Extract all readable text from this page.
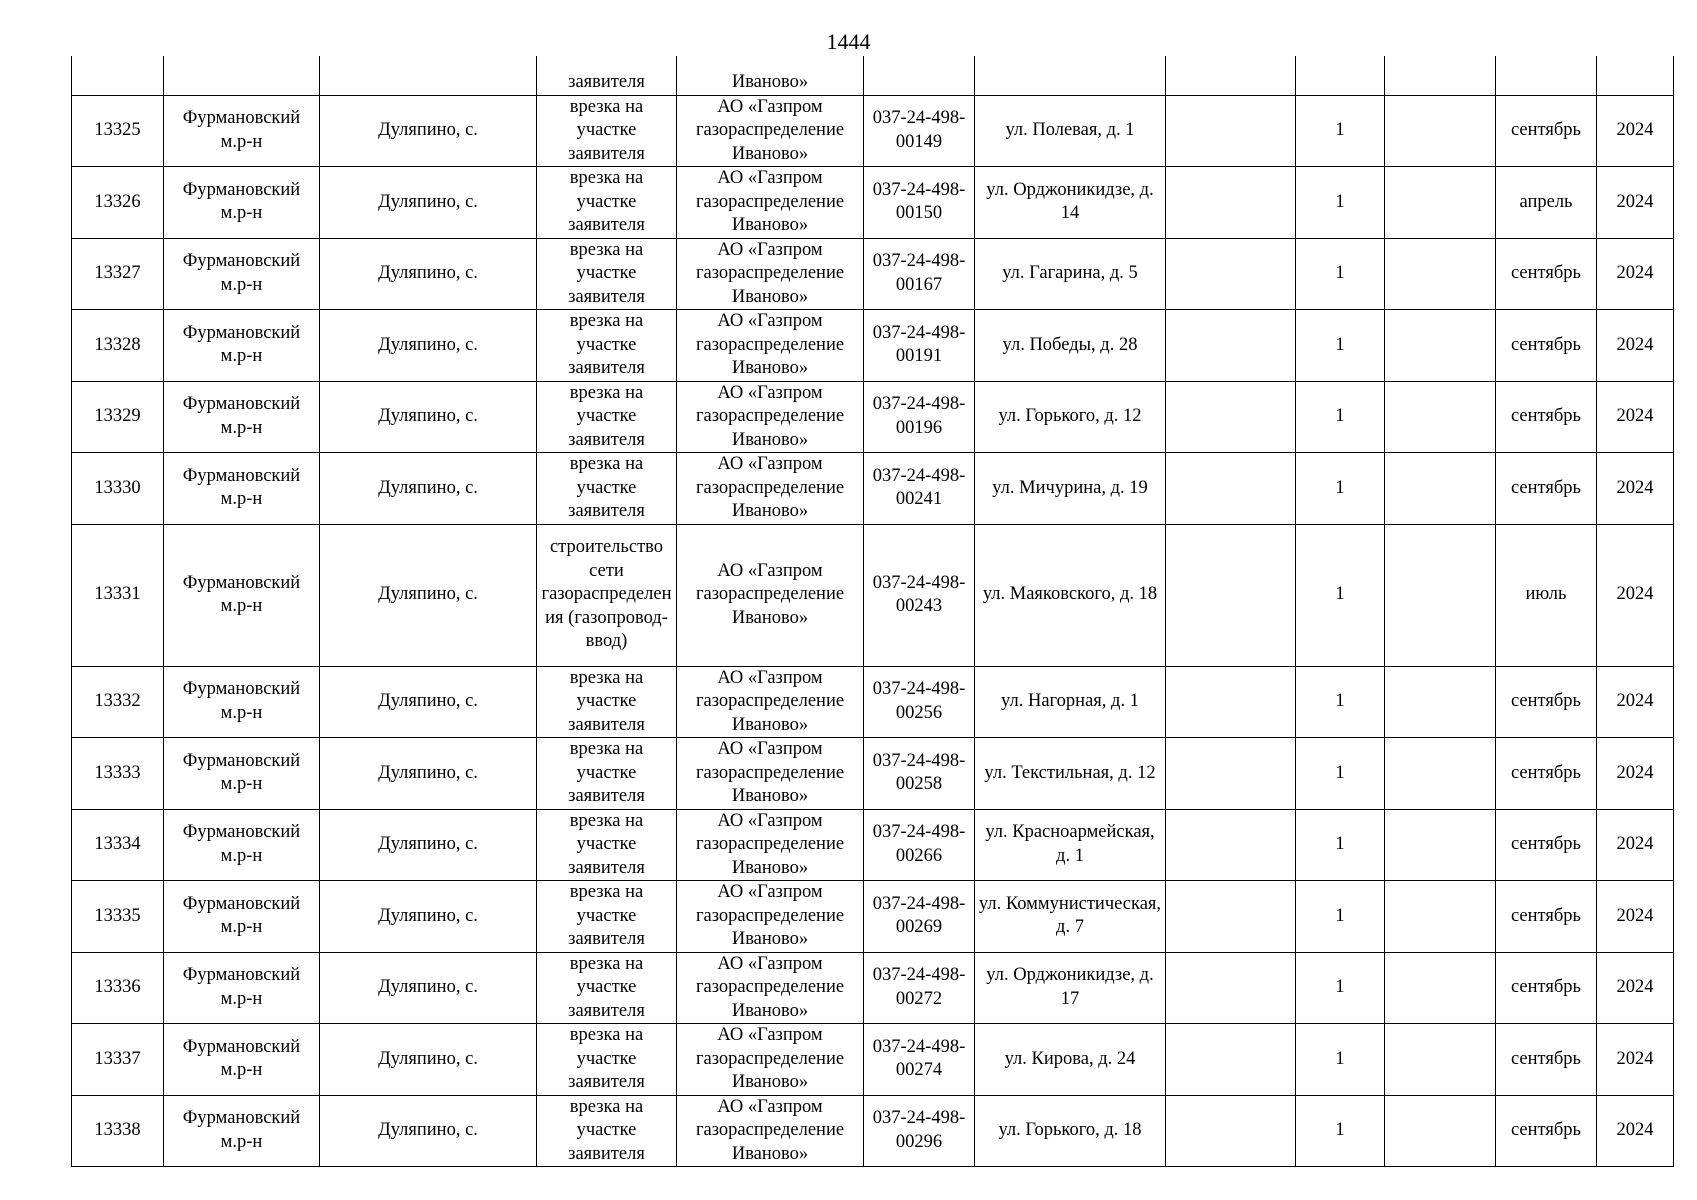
1444
			заявителя	Иваново»							
13325	Фурмановский м.р-н	Дуляпино, с.	врезка на участке заявителя	АО «Газпром газораспределение Иваново»	037-24-498-00149	ул. Полевая, д. 1		1		сентябрь	2024
13326	Фурмановский м.р-н	Дуляпино, с.	врезка на участке заявителя	АО «Газпром газораспределение Иваново»	037-24-498-00150	ул. Орджоникидзе, д. 14		1		апрель	2024
13327	Фурмановский м.р-н	Дуляпино, с.	врезка на участке заявителя	АО «Газпром газораспределение Иваново»	037-24-498-00167	ул. Гагарина, д. 5		1		сентябрь	2024
13328	Фурмановский м.р-н	Дуляпино, с.	врезка на участке заявителя	АО «Газпром газораспределение Иваново»	037-24-498-00191	ул. Победы, д. 28		1		сентябрь	2024
13329	Фурмановский м.р-н	Дуляпино, с.	врезка на участке заявителя	АО «Газпром газораспределение Иваново»	037-24-498-00196	ул. Горького, д. 12		1		сентябрь	2024
13330	Фурмановский м.р-н	Дуляпино, с.	врезка на участке заявителя	АО «Газпром газораспределение Иваново»	037-24-498-00241	ул. Мичурина, д. 19		1		сентябрь	2024
13331	Фурмановский м.р-н	Дуляпино, с.	строительство сети газораспределения (газопровод-ввод)	АО «Газпром газораспределение Иваново»	037-24-498-00243	ул. Маяковского, д. 18		1		июль	2024
13332	Фурмановский м.р-н	Дуляпино, с.	врезка на участке заявителя	АО «Газпром газораспределение Иваново»	037-24-498-00256	ул. Нагорная, д. 1		1		сентябрь	2024
13333	Фурмановский м.р-н	Дуляпино, с.	врезка на участке заявителя	АО «Газпром газораспределение Иваново»	037-24-498-00258	ул. Текстильная, д. 12		1		сентябрь	2024
13334	Фурмановский м.р-н	Дуляпино, с.	врезка на участке заявителя	АО «Газпром газораспределение Иваново»	037-24-498-00266	ул. Красноармейская, д. 1		1		сентябрь	2024
13335	Фурмановский м.р-н	Дуляпино, с.	врезка на участке заявителя	АО «Газпром газораспределение Иваново»	037-24-498-00269	ул. Коммунистическая, д. 7		1		сентябрь	2024
13336	Фурмановский м.р-н	Дуляпино, с.	врезка на участке заявителя	АО «Газпром газораспределение Иваново»	037-24-498-00272	ул. Орджоникидзе, д. 17		1		сентябрь	2024
13337	Фурмановский м.р-н	Дуляпино, с.	врезка на участке заявителя	АО «Газпром газораспределение Иваново»	037-24-498-00274	ул. Кирова, д. 24		1		сентябрь	2024
13338	Фурмановский м.р-н	Дуляпино, с.	врезка на участке заявителя	АО «Газпром газораспределение Иваново»	037-24-498-00296	ул. Горького, д. 18		1		сентябрь	2024
